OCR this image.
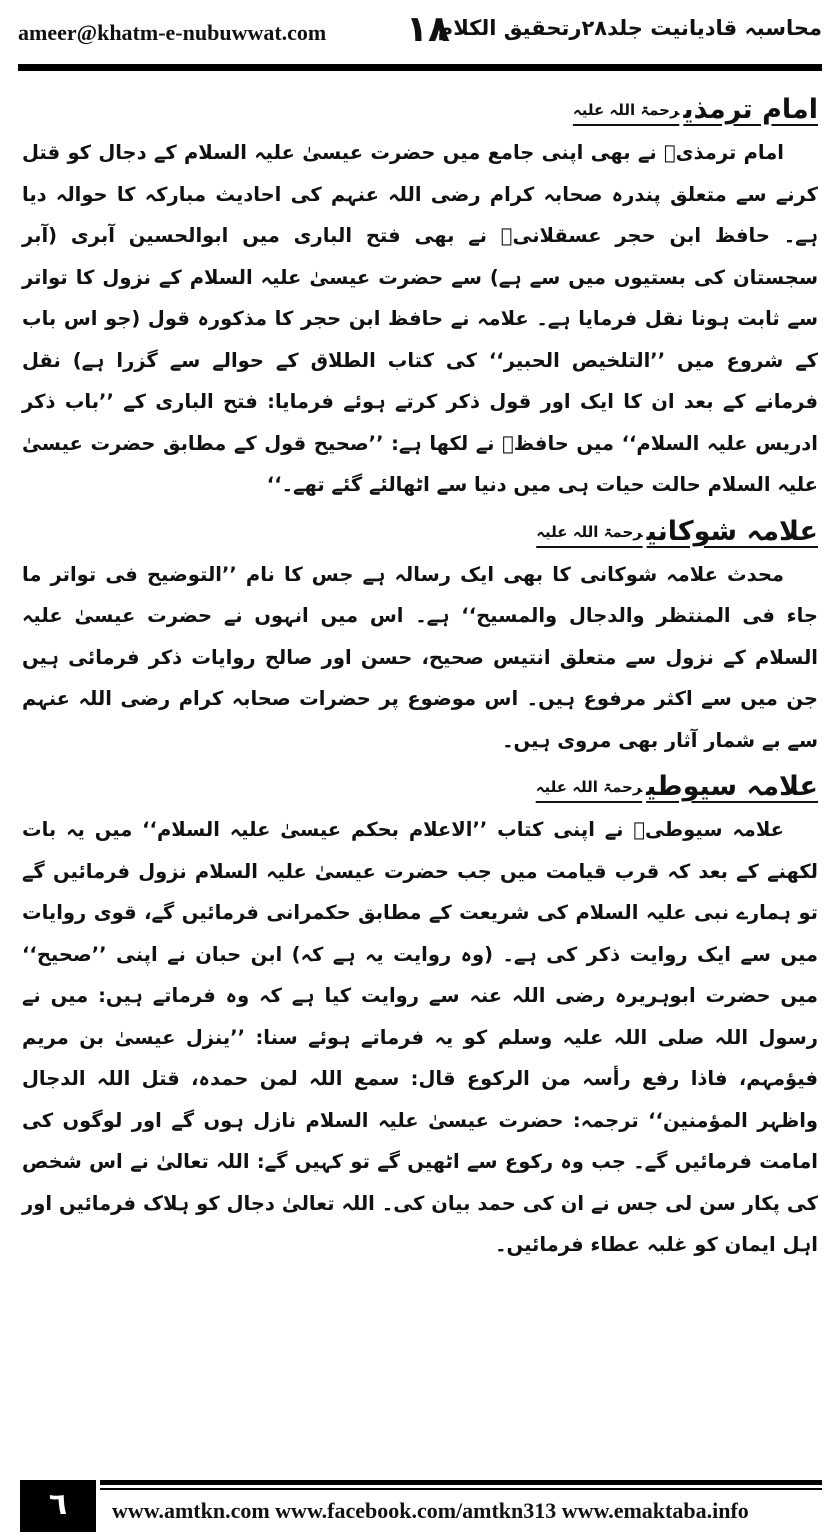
ameer@khatm-e-nubuwwat.com ١٨
محاسبہ قادیانیت جلد۲۸رتحقیق الکلام

امام ترمذی$^{رحمۃ اللہ علیہ}$

امام ترمذیؒ نے بھی اپنی جامع میں حضرت عیسیٰ علیہ السلام کے دجال کو قتل کرنے سے متعلق پندرہ صحابہ کرام رضی اللہ عنہم کی احادیث مبارکہ کا حوالہ دیا ہے۔ حافظ ابن حجر عسقلانیؒ نے بھی فتح الباری میں ابوالحسین آبری (آبر سجستان کی بستیوں میں سے ہے) سے حضرت عیسیٰ علیہ السلام کے نزول کا تواتر سے ثابت ہونا نقل فرمایا ہے۔ علامہ نے حافظ ابن حجر کا مذکورہ قول (جو اس باب کے شروع میں ’’التلخیص الحبیر‘‘ کی کتاب الطلاق کے حوالے سے گزرا ہے) نقل فرمانے کے بعد ان کا ایک اور قول ذکر کرتے ہوئے فرمایا: فتح الباری کے ’’باب ذکر ادریس علیہ السلام‘‘ میں حافظؒ نے لکھا ہے: ’’صحیح قول کے مطابق حضرت عیسیٰ علیہ السلام حالت حیات ہی میں دنیا سے اٹھالئے گئے تھے۔‘‘

علامہ شوکانی$^{رحمۃ اللہ علیہ}$

محدث علامہ شوکانی کا بھی ایک رسالہ ہے جس کا نام ’’التوضیح فی تواتر ما جاء فی المنتظر والدجال والمسیح‘‘ ہے۔ اس میں انہوں نے حضرت عیسیٰ علیہ السلام کے نزول سے متعلق انتیس صحیح، حسن اور صالح روایات ذکر فرمائی ہیں جن میں سے اکثر مرفوع ہیں۔ اس موضوع پر حضرات صحابہ کرام رضی اللہ عنہم سے بے شمار آثار بھی مروی ہیں۔

علامہ سیوطی$^{رحمۃ اللہ علیہ}$

علامہ سیوطیؒ نے اپنی کتاب ’’الاعلام بحکم عیسیٰ علیہ السلام‘‘ میں یہ بات لکھنے کے بعد کہ قرب قیامت میں جب حضرت عیسیٰ علیہ السلام نزول فرمائیں گے تو ہمارے نبی علیہ السلام کی شریعت کے مطابق حکمرانی فرمائیں گے، قوی روایات میں سے ایک روایت ذکر کی ہے۔ (وہ روایت یہ ہے کہ) ابن حبان نے اپنی ’’صحیح‘‘ میں حضرت ابوہریرہ رضی اللہ عنہ سے روایت کیا ہے کہ وہ فرماتے ہیں: میں نے رسول اللہ صلی اللہ علیہ وسلم کو یہ فرماتے ہوئے سنا: ’’ینزل عیسیٰ بن مریم فیؤمہم، فاذا رفع رأسہ من الرکوع قال: سمع اللہ لمن حمدہ، قتل اللہ الدجال واظہر المؤمنین‘‘ ترجمہ: حضرت عیسیٰ علیہ السلام نازل ہوں گے اور لوگوں کی امامت فرمائیں گے۔ جب وہ رکوع سے اٹھیں گے تو کہیں گے: اللہ تعالیٰ نے اس شخص کی پکار سن لی جس نے ان کی حمد بیان کی۔ اللہ تعالیٰ دجال کو ہلاک فرمائیں اور اہل ایمان کو غلبہ عطاء فرمائیں۔

٦	www.amtkn.com www.facebook.com/amtkn313 www.emaktaba.info
